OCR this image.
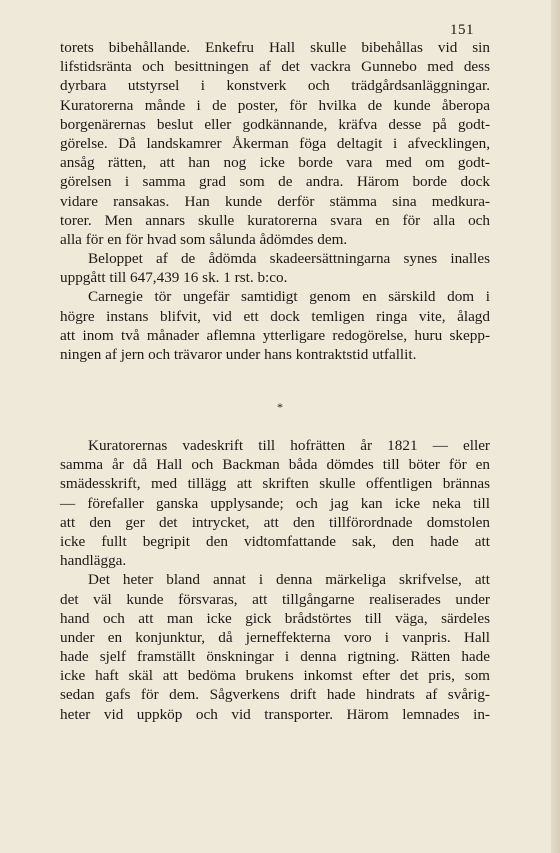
151
torets bibehållande. Enkefru Hall skulle bibehållas vid sin
lifstidsränta och besittningen af det vackra Gunnebo med dess
dyrbara utstyrsel i konstverk och trädgårdsanläggningar.
Kuratorerna månde i de poster, för hvilka de kunde åberopa
borgenärernas beslut eller godkännande, kräfva desse på godt-
görelse. Då landskamrer Åkerman föga deltagit i afvecklingen,
ansåg rätten, att han nog icke borde vara med om godt-
görelsen i samma grad som de andra. Härom borde dock
vidare ransakas. Han kunde derför stämma sina medkura-
torer. Men annars skulle kuratorerna svara en för alla och
alla för en för hvad som sålunda ådömdes dem.
Beloppet af de ådömda skadeersättningarna synes inalles
uppgått till 647,439 16 sk. 1 rst. b:co.
Carnegie tör ungefär samtidigt genom en särskild dom i
högre instans blifvit, vid ett dock temligen ringa vite, ålagd
att inom två månader aflemna ytterligare redogörelse, huru skepp-
ningen af jern och trävaror under hans kontraktstid utfallit.
*
Kuratorernas vadeskrift till hofrätten år 1821 — eller
samma år då Hall och Backman båda dömdes till böter för en
smädesskrift, med tillägg att skriften skulle offentligen brännas
— förefaller ganska upplysande; och jag kan icke neka till
att den ger det intrycket, att den tillförordnade domstolen
icke fullt begripit den vidtomfattande sak, den hade att
handlägga.
Det heter bland annat i denna märkeliga skrifvelse, att
det väl kunde försvaras, att tillgångarne realiserades under
hand och att man icke gick brådstörtes till väga, särdeles
under en konjunktur, då jerneffekterna voro i vanpris. Hall
hade sjelf framställt önskningar i denna rigtning. Rätten hade
icke haft skäl att bedöma brukens inkomst efter det pris, som
sedan gafs för dem. Sågverkens drift hade hindrats af svårig-
heter vid uppköp och vid transporter. Härom lemnades in-
